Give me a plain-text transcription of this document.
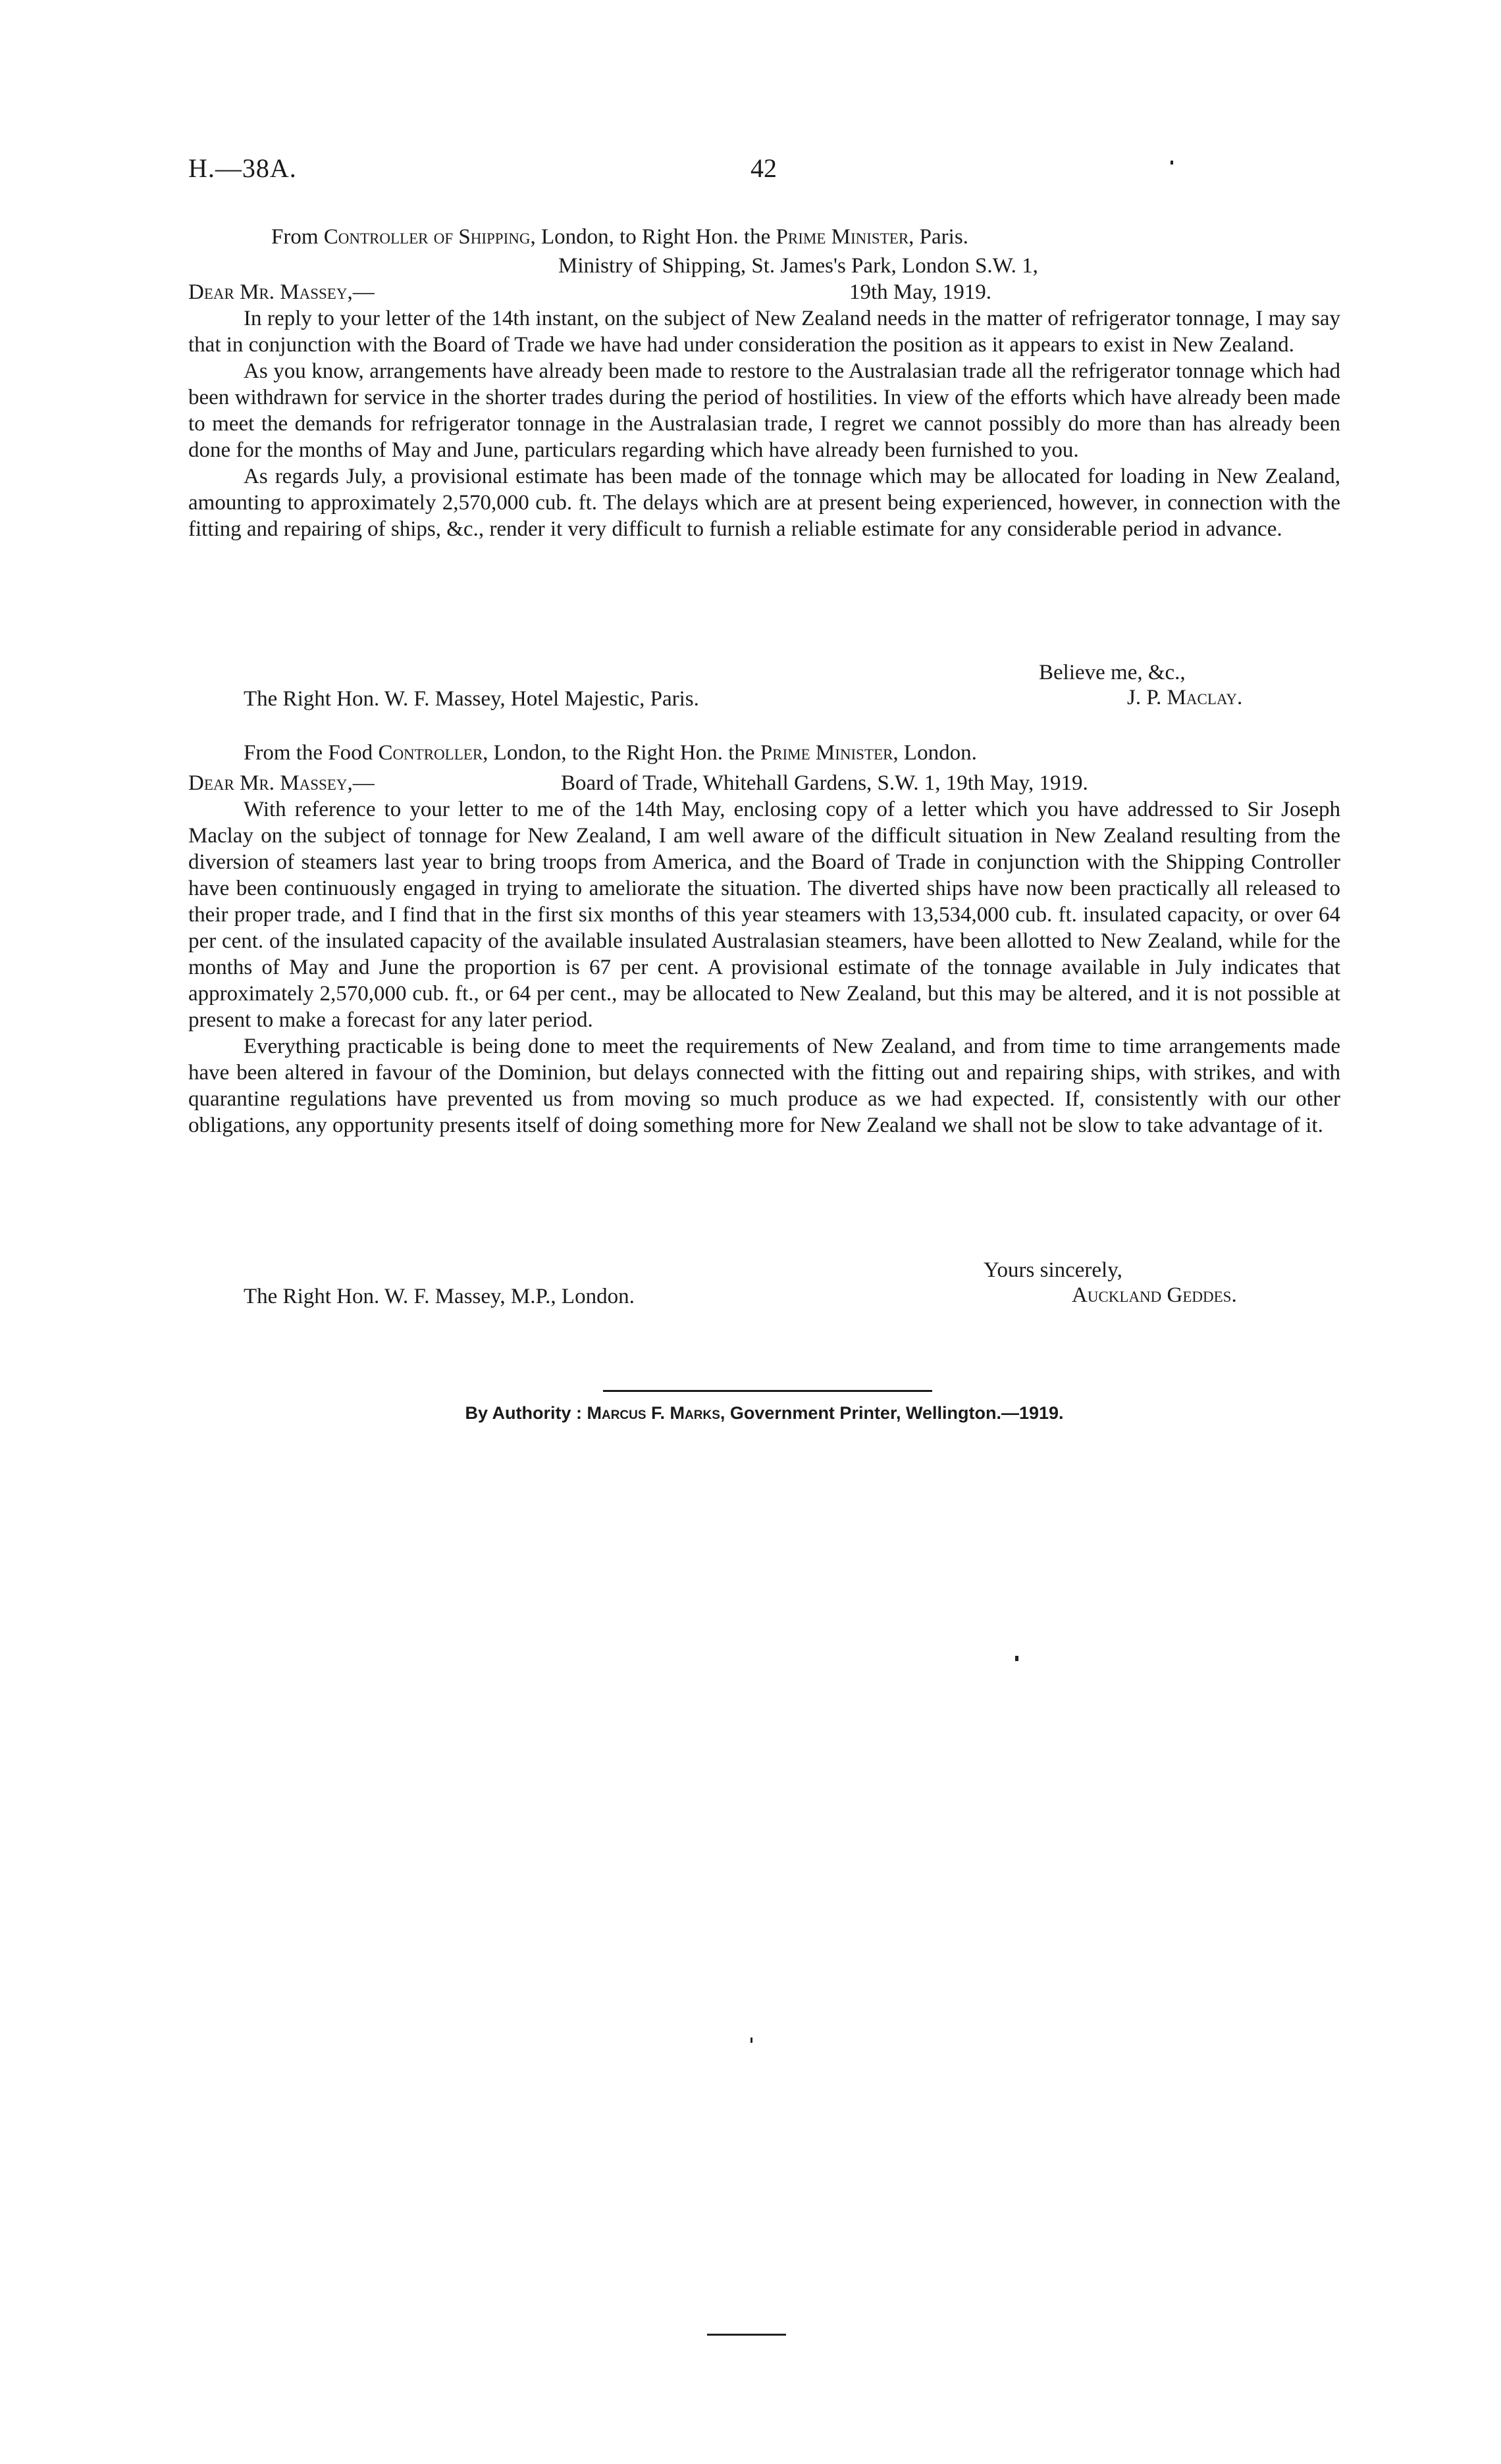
H.—38A.	42
From Controller of Shipping, London, to Right Hon. the Prime Minister, Paris.
Ministry of Shipping, St. James's Park, London S.W. 1,
Dear Mr. Massey,—	19th May, 1919.

In reply to your letter of the 14th instant, on the subject of New Zealand needs in the matter of refrigerator tonnage, I may say that in conjunction with the Board of Trade we have had under consideration the position as it appears to exist in New Zealand.

As you know, arrangements have already been made to restore to the Australasian trade all the refrigerator tonnage which had been withdrawn for service in the shorter trades during the period of hostilities. In view of the efforts which have already been made to meet the demands for refrigerator tonnage in the Australasian trade, I regret we cannot possibly do more than has already been done for the months of May and June, particulars regarding which have already been furnished to you.

As regards July, a provisional estimate has been made of the tonnage which may be allocated for loading in New Zealand, amounting to approximately 2,570,000 cub. ft. The delays which are at present being experienced, however, in connection with the fitting and repairing of ships, &c., render it very difficult to furnish a reliable estimate for any considerable period in advance.

Believe me, &c.,
The Right Hon. W. F. Massey, Hotel Majestic, Paris.	J. P. Maclay.
From the Food Controller, London, to the Right Hon. the Prime Minister, London.
Dear Mr. Massey,—	Board of Trade, Whitehall Gardens, S.W. 1, 19th May, 1919.

With reference to your letter to me of the 14th May, enclosing copy of a letter which you have addressed to Sir Joseph Maclay on the subject of tonnage for New Zealand, I am well aware of the difficult situation in New Zealand resulting from the diversion of steamers last year to bring troops from America, and the Board of Trade in conjunction with the Shipping Controller have been continuously engaged in trying to ameliorate the situation. The diverted ships have now been practically all released to their proper trade, and I find that in the first six months of this year steamers with 13,534,000 cub. ft. insulated capacity, or over 64 per cent. of the insulated capacity of the available insulated Australasian steamers, have been allotted to New Zealand, while for the months of May and June the proportion is 67 per cent. A provisional estimate of the tonnage available in July indicates that approximately 2,570,000 cub. ft., or 64 per cent., may be allocated to New Zealand, but this may be altered, and it is not possible at present to make a forecast for any later period.

Everything practicable is being done to meet the requirements of New Zealand, and from time to time arrangements made have been altered in favour of the Dominion, but delays connected with the fitting out and repairing ships, with strikes, and with quarantine regulations have prevented us from moving so much produce as we had expected. If, consistently with our other obligations, any opportunity presents itself of doing something more for New Zealand we shall not be slow to take advantage of it.

Yours sincerely,
The Right Hon. W. F. Massey, M.P., London.	Auckland Geddes.
By Authority : Marcus F. Marks, Government Printer, Wellington.—1919.
